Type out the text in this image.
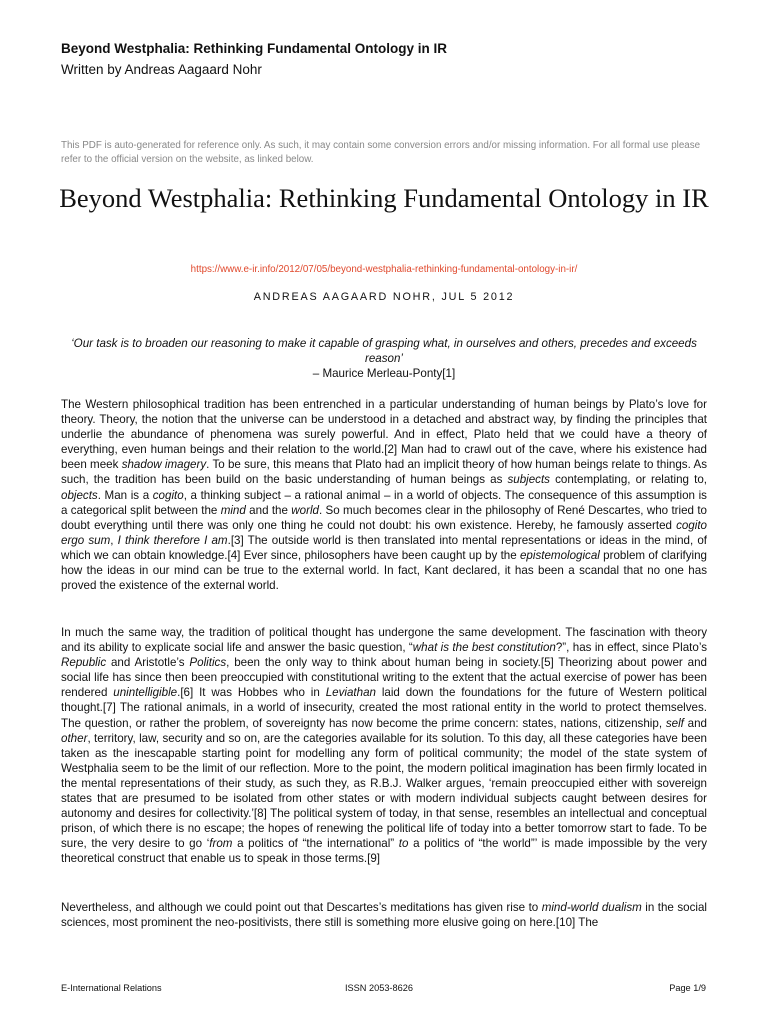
Beyond Westphalia: Rethinking Fundamental Ontology in IR
Written by Andreas Aagaard Nohr
This PDF is auto-generated for reference only. As such, it may contain some conversion errors and/or missing information. For all formal use please refer to the official version on the website, as linked below.
Beyond Westphalia: Rethinking Fundamental Ontology in IR
https://www.e-ir.info/2012/07/05/beyond-westphalia-rethinking-fundamental-ontology-in-ir/
ANDREAS AAGAARD NOHR, JUL 5 2012
‘Our task is to broaden our reasoning to make it capable of grasping what, in ourselves and others, precedes and exceeds reason’
– Maurice Merleau-Ponty[1]

The Western philosophical tradition has been entrenched in a particular understanding of human beings by Plato’s love for theory. Theory, the notion that the universe can be understood in a detached and abstract way, by finding the principles that underlie the abundance of phenomena was surely powerful. And in effect, Plato held that we could have a theory of everything, even human beings and their relation to the world.[2] Man had to crawl out of the cave, where his existence had been meek shadow imagery. To be sure, this means that Plato had an implicit theory of how human beings relate to things. As such, the tradition has been build on the basic understanding of human beings as subjects contemplating, or relating to, objects. Man is a cogito, a thinking subject – a rational animal – in a world of objects. The consequence of this assumption is a categorical split between the mind and the world. So much becomes clear in the philosophy of René Descartes, who tried to doubt everything until there was only one thing he could not doubt: his own existence. Hereby, he famously asserted cogito ergo sum, I think therefore I am.[3] The outside world is then translated into mental representations or ideas in the mind, of which we can obtain knowledge.[4] Ever since, philosophers have been caught up by the epistemological problem of clarifying how the ideas in our mind can be true to the external world. In fact, Kant declared, it has been a scandal that no one has proved the existence of the external world.

In much the same way, the tradition of political thought has undergone the same development. The fascination with theory and its ability to explicate social life and answer the basic question, “what is the best constitution?”, has in effect, since Plato’s Republic and Aristotle’s Politics, been the only way to think about human being in society.[5] Theorizing about power and social life has since then been preoccupied with constitutional writing to the extent that the actual exercise of power has been rendered unintelligible.[6] It was Hobbes who in Leviathan laid down the foundations for the future of Western political thought.[7] The rational animals, in a world of insecurity, created the most rational entity in the world to protect themselves. The question, or rather the problem, of sovereignty has now become the prime concern: states, nations, citizenship, self and other, territory, law, security and so on, are the categories available for its solution. To this day, all these categories have been taken as the inescapable starting point for modelling any form of political community; the model of the state system of Westphalia seem to be the limit of our reflection. More to the point, the modern political imagination has been firmly located in the mental representations of their study, as such they, as R.B.J. Walker argues, ‘remain preoccupied either with sovereign states that are presumed to be isolated from other states or with modern individual subjects caught between desires for autonomy and desires for collectivity.’[8] The political system of today, in that sense, resembles an intellectual and conceptual prison, of which there is no escape; the hopes of renewing the political life of today into a better tomorrow start to fade. To be sure, the very desire to go ‘from a politics of “the international” to a politics of “the world”’ is made impossible by the very theoretical construct that enable us to speak in those terms.[9]

Nevertheless, and although we could point out that Descartes’s meditations has given rise to mind-world dualism in the social sciences, most prominent the neo-positivists, there still is something more elusive going on here.[10] The

E-International Relations	ISSN 2053-8626	Page 1/9
